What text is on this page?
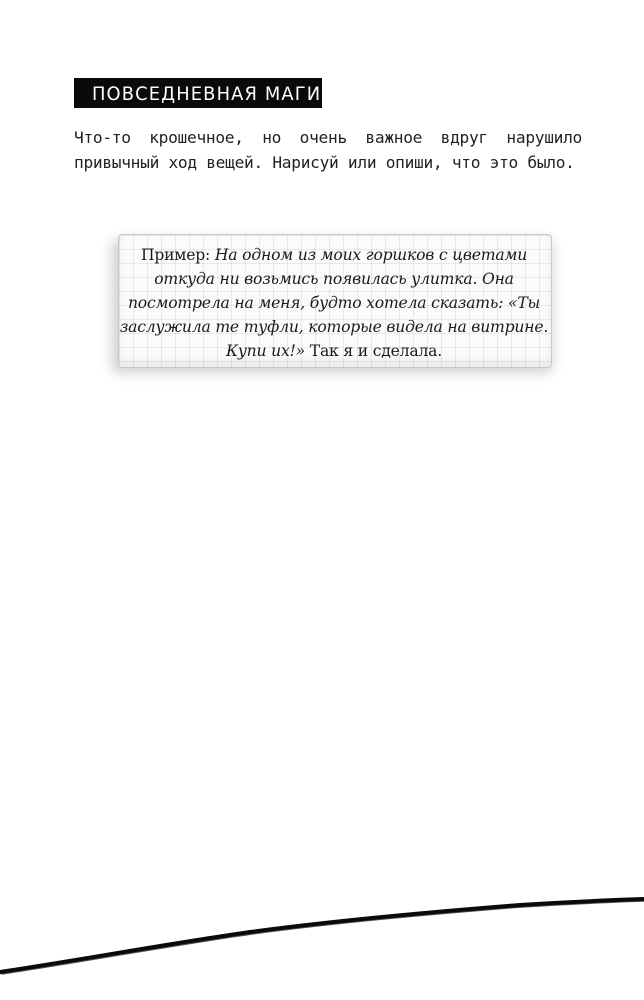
ПОВСЕДНЕВНАЯ МАГИЯ
Что-то крошечное, но очень важное вдруг нарушило привычный ход вещей. Нарисуй или опиши, что это было.
Пример: На одном из моих горшков с цветами откуда ни возьмись появилась улитка. Она посмотрела на меня, будто хотела сказать: «Ты заслужила те туфли, которые видела на витрине. Купи их!» Так я и сделала.
